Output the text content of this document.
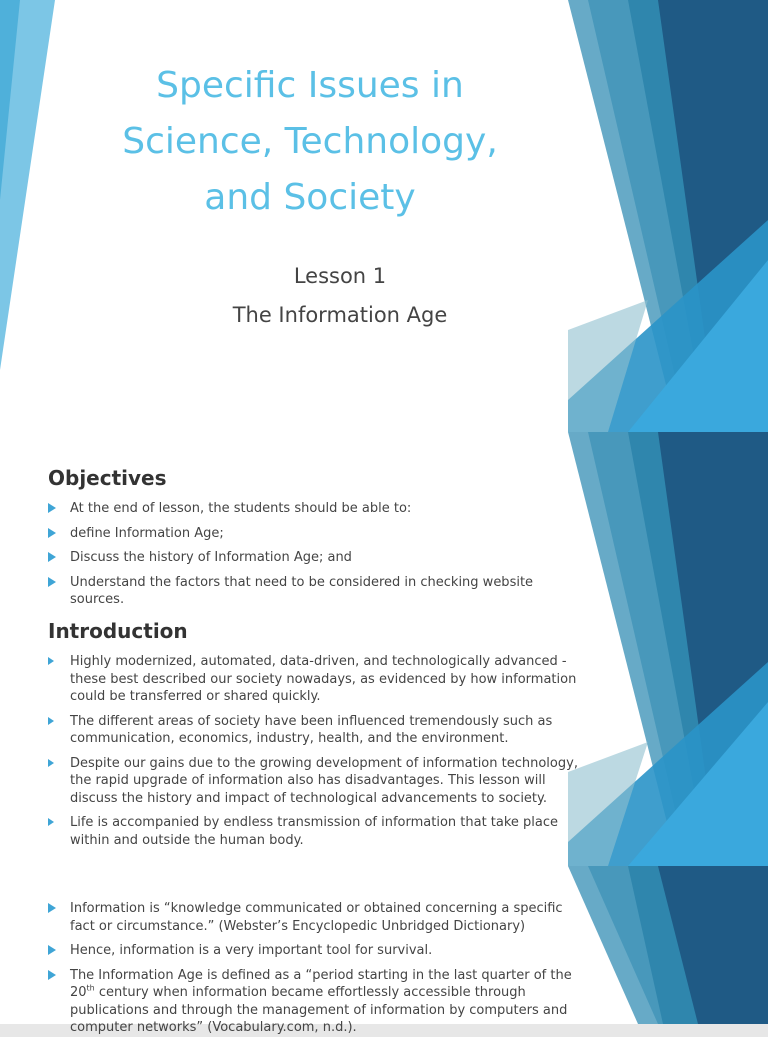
Specific Issues in
Science, Technology,
and Society
Lesson 1
The Information Age
Objectives
At the end of lesson, the students should be able to:
define Information Age;
Discuss the history of Information Age; and
Understand the factors that need to be considered in checking website sources.
Introduction
Highly modernized, automated, data-driven, and technologically advanced - these best described our society nowadays, as evidenced by how information could be transferred or shared quickly.
The different areas of society have been influenced tremendously such as communication, economics, industry, health, and the environment.
Despite our gains due to the growing development of information technology, the rapid upgrade of information also has disadvantages. This lesson will discuss the history and impact of technological advancements to society.
Life is accompanied by endless transmission of information that take place within and outside the human body.
Information is “knowledge communicated or obtained concerning a specific fact or circumstance.” (Webster’s Encyclopedic Unbridged Dictionary)
Hence, information is a very important tool for survival.
The Information Age is defined as a “period starting in the last quarter of the 20th century when information became effortlessly accessible through publications and through the management of information by computers and computer networks” (Vocabulary.com, n.d.).
